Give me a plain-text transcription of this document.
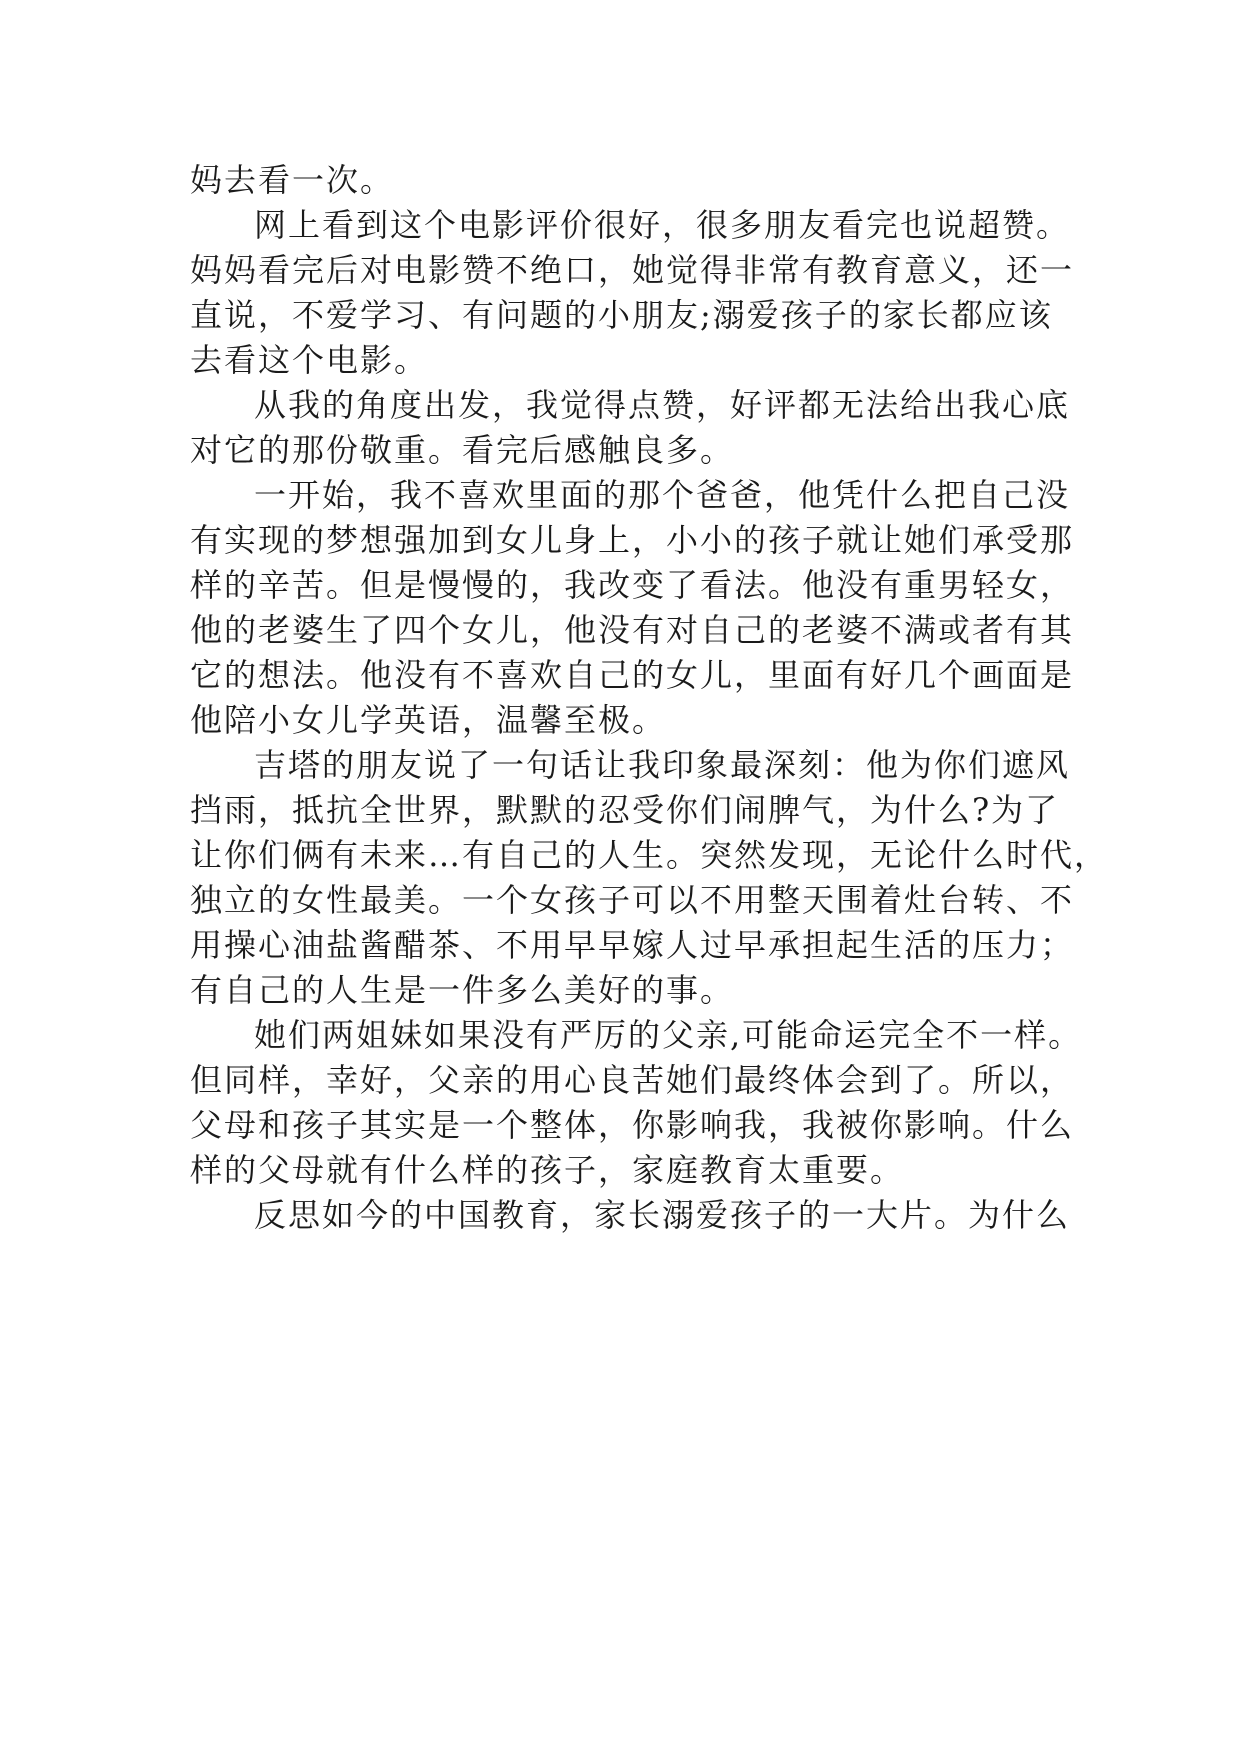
妈去看一次。
网上看到这个电影评价很好，很多朋友看完也说超赞。
妈妈看完后对电影赞不绝口，她觉得非常有教育意义，还一
直说，不爱学习、有问题的小朋友;溺爱孩子的家长都应该
去看这个电影。
从我的角度出发，我觉得点赞，好评都无法给出我心底
对它的那份敬重。看完后感触良多。
一开始，我不喜欢里面的那个爸爸，他凭什么把自己没
有实现的梦想强加到女儿身上，小小的孩子就让她们承受那
样的辛苦。但是慢慢的，我改变了看法。他没有重男轻女，
他的老婆生了四个女儿，他没有对自己的老婆不满或者有其
它的想法。他没有不喜欢自己的女儿，里面有好几个画面是
他陪小女儿学英语，温馨至极。
吉塔的朋友说了一句话让我印象最深刻：他为你们遮风
挡雨，抵抗全世界，默默的忍受你们闹脾气，为什么?为了
让你们俩有未来…有自己的人生。突然发现，无论什么时代，
独立的女性最美。一个女孩子可以不用整天围着灶台转、不
用操心油盐酱醋茶、不用早早嫁人过早承担起生活的压力；
有自己的人生是一件多么美好的事。
她们两姐妹如果没有严厉的父亲,可能命运完全不一样。
但同样，幸好，父亲的用心良苦她们最终体会到了。所以，
父母和孩子其实是一个整体，你影响我，我被你影响。什么
样的父母就有什么样的孩子，家庭教育太重要。
反思如今的中国教育，家长溺爱孩子的一大片。为什么
